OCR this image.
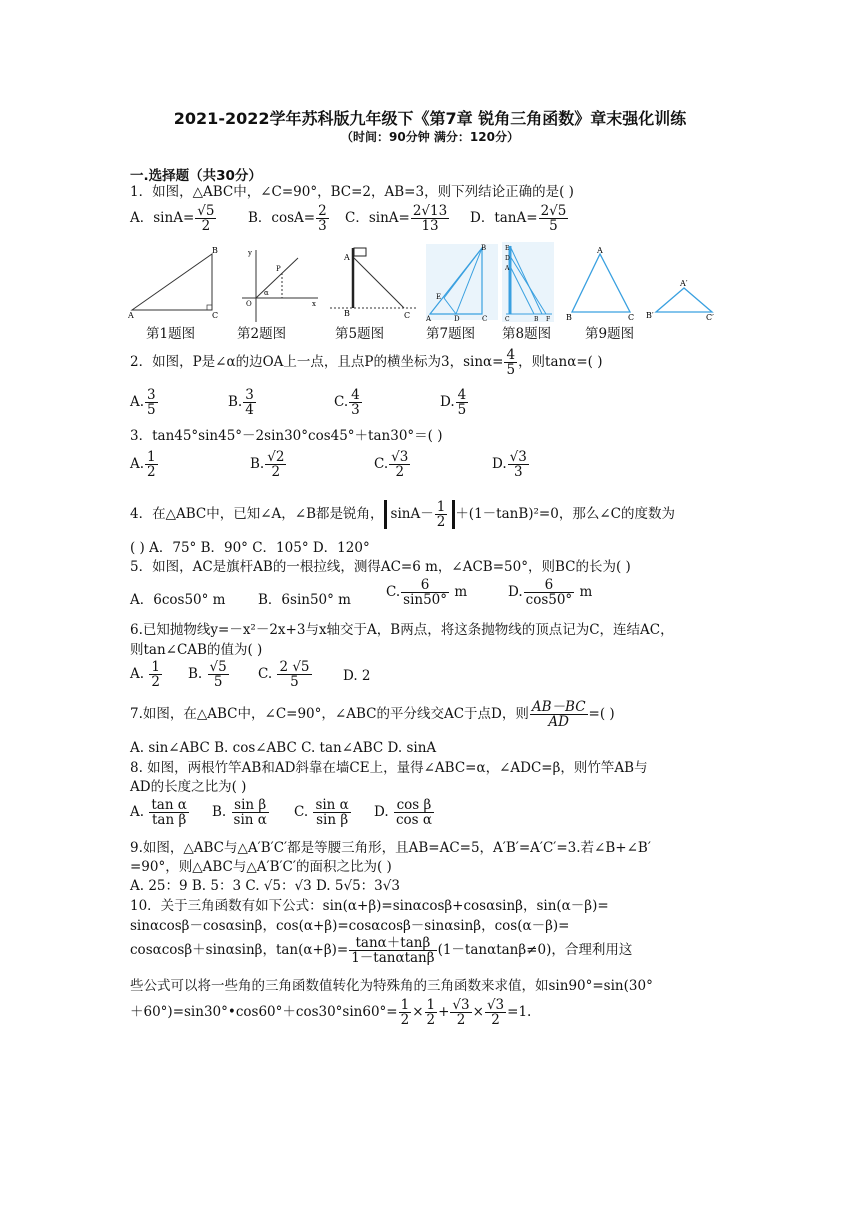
2021-2022学年苏科版九年级下《第7章 锐角三角函数》章末强化训练
（时间：90分钟 满分：120分）
一.选择题（共30分）
1．如图，△ABC中，∠C=90°，BC=2，AB=3，则下列结论正确的是( )
A．$\sin A= \frac{√5}{2}$ B．$\cos A= \frac{2}{3}$ C．$\sin A= \frac{2√13}{13}$ D．$\tan A= \frac{2√5}{5}$
A
B
C
y
O
P
α
x
A
B	C
B
E
A	D	C
E
D
A
F
B
C
A
B	C
A′
B′	C′
第1题图	第2题图	第5题图	第7题图 第8题图	第9题图
2．如图，P是∠α的边OA上一点，且点P的横坐标为3，$\sin\alpha= \frac{4}{5}$ ，则tanα=( )
A. $\frac{3}{5}$	B. $\frac{3}{4}$	C. $\frac{4}{3}$	D. $\frac{4}{5}$
3．tan45°sin45°－2sin30°cos45°＋tan30°＝( )
A. $\frac{1}{2}$	B. $\frac{√2}{2}$	C. $\frac{√3}{2}$	D. $\frac{√3}{3}$
4．在△ABC中，已知∠A，∠B都是锐角， $\sin A- \frac{1}{2} +(1-\tan B)^2=0$，那么∠C的度数为
( ) A．75° B．90° C．105° D．120°
5．如图，AC是旗杆AB的一根拉线，测得AC=6 m，∠ACB=50°，则BC的长为( )
A．6cos50° m B．6sin50° m	C. $\frac{6}{\sin 50^\circ}$ m	D. $\frac{6}{\cos 50^\circ}$ m
6.已知抛物线y=－x²－2x+3与x轴交于A，B两点，将这条抛物线的顶点记为C，连结AC，
则tan∠CAB的值为( )
A. $\frac{1}{2} B$. $\frac{√5}{5} C$. $\frac{2 √5}{5} D$. 2
7.如图，在△ABC中，∠C=90°，∠ABC的平分线交AC于点D，则 $\frac{AB-BC}{AD}$ =( )
A. sin∠ABC B. cos∠ABC C. tan∠ABC D. sinA
8. 如图，两根竹竿AB和AD斜靠在墙CE上，量得∠ABC=α，∠ADC=β，则竹竿AB与
AD的长度之比为( )
A. $\frac{\text{tan α}}{\text{tan β}} B$. $\frac{\text{sin β}}{\text{sin α}} C$. $\frac{\text{sin α}}{\text{sin β}} D$. $\frac{\text{cos β}}{\text{cos α}}$
9.如图，△ABC与△A′B′C′都是等腰三角形，且AB=AC=5，A′B′=A′C′=3.若∠B+∠B′
=90°，则△ABC与△A′B′C′的面积之比为( )
A. 25：9 B. 5：3 C. √5：√3 D. 5√5：3√3
10．关于三角函数有如下公式：sin(α+β)=sinαcosβ+cosαsinβ，sin(α－β)=
sinαcosβ－cosαsinβ，cos(α+β)=cosαcosβ－sinαsinβ，cos(α－β)=
cosαcosβ＋sinαsinβ，$\tan(\alpha+\beta)= \frac{\tan\alpha+\tan\beta}{1-\tan\alpha\tan\beta} (1-\tan\alpha\tan\beta\ne 0)$，合理利用这
些公式可以将一些角的三角函数值转化为特殊角的三角函数来求值，如sin90°=sin(30°
＋60°)=sin30°•cos60°＋cos30°sin60°= $\frac{1}{2} \times \frac{1}{2} + \frac{√3}{2} \times \frac{√3}{2} =1$.
